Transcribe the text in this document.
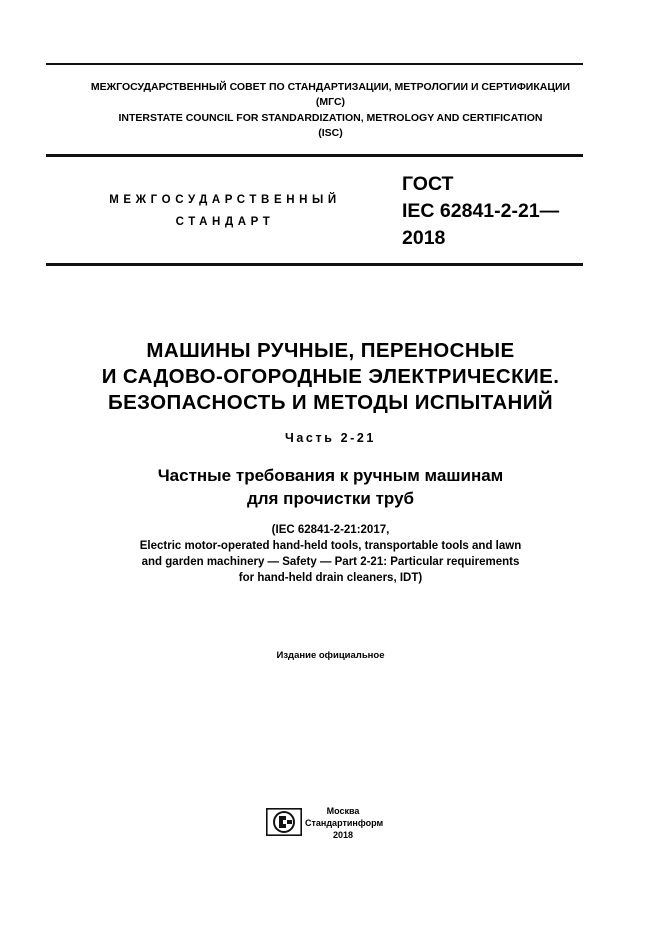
МЕЖГОСУДАРСТВЕННЫЙ СОВЕТ ПО СТАНДАРТИЗАЦИИ, МЕТРОЛОГИИ И СЕРТИФИКАЦИИ
(МГС)
INTERSTATE COUNCIL FOR STANDARDIZATION, METROLOGY AND CERTIFICATION
(ISC)
МЕЖГОСУДАРСТВЕННЫЙ
СТАНДАРТ
ГОСТ
IEC 62841-2-21—
2018
МАШИНЫ РУЧНЫЕ, ПЕРЕНОСНЫЕ
И САДОВО-ОГОРОДНЫЕ ЭЛЕКТРИЧЕСКИЕ.
БЕЗОПАСНОСТЬ И МЕТОДЫ ИСПЫТАНИЙ
Часть 2-21
Частные требования к ручным машинам
для прочистки труб
(IEC 62841-2-21:2017,
Electric motor-operated hand-held tools, transportable tools and lawn
and garden machinery — Safety — Part 2-21: Particular requirements
for hand-held drain cleaners, IDT)
Издание официальное
Москва
Стандартинформ
2018
